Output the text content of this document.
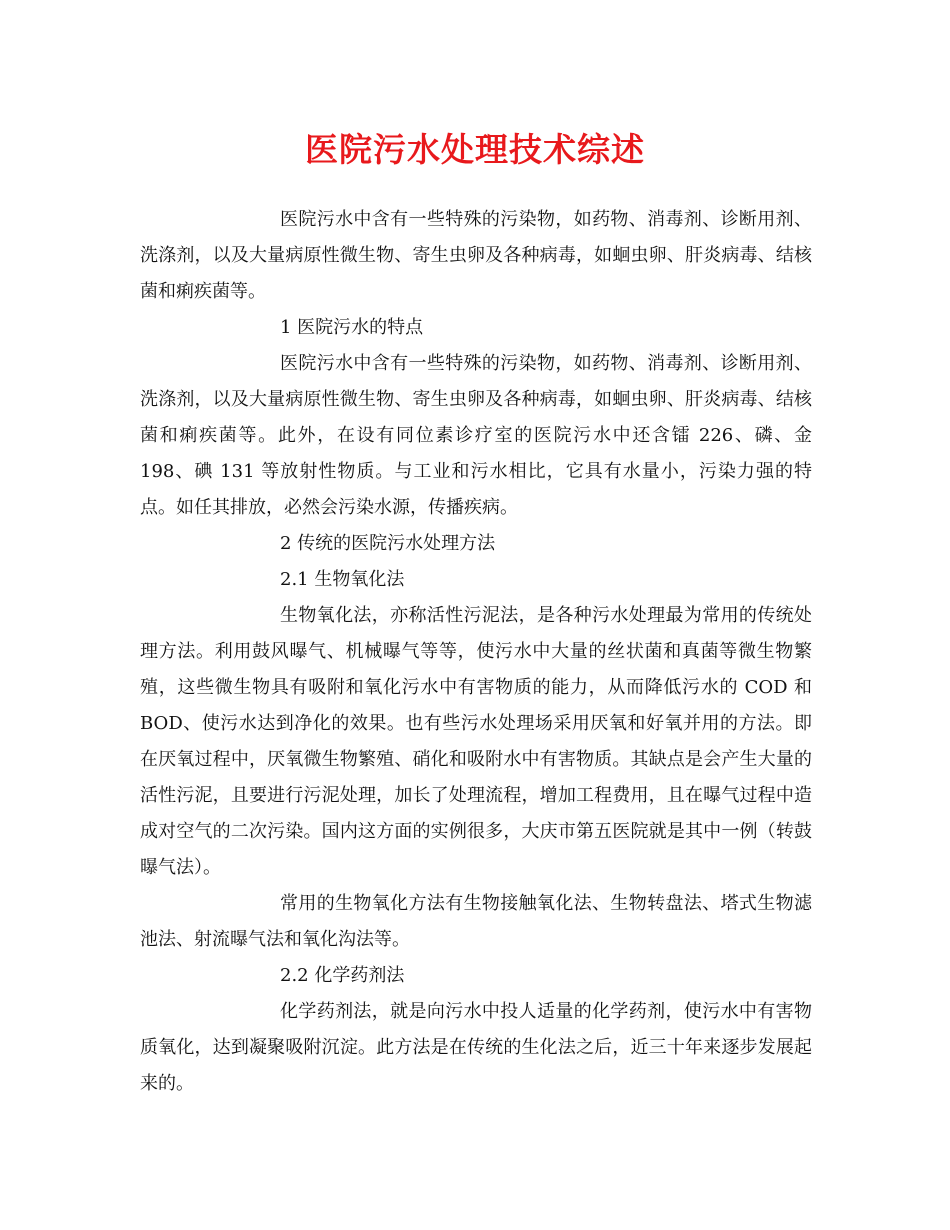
医院污水处理技术综述

医院污水中含有一些特殊的污染物，如药物、消毒剂、诊断用剂、洗涤剂，以及大量病原性微生物、寄生虫卵及各种病毒，如蛔虫卵、肝炎病毒、结核菌和痢疾菌等。

1 医院污水的特点

医院污水中含有一些特殊的污染物，如药物、消毒剂、诊断用剂、洗涤剂，以及大量病原性微生物、寄生虫卵及各种病毒，如蛔虫卵、肝炎病毒、结核菌和痢疾菌等。此外，在设有同位素诊疗室的医院污水中还含镭 226、磷、金 198、碘 131 等放射性物质。与工业和污水相比，它具有水量小，污染力强的特点。如任其排放，必然会污染水源，传播疾病。

2 传统的医院污水处理方法

2.1 生物氧化法

生物氧化法，亦称活性污泥法，是各种污水处理最为常用的传统处理方法。利用鼓风曝气、机械曝气等等，使污水中大量的丝状菌和真菌等微生物繁殖，这些微生物具有吸附和氧化污水中有害物质的能力，从而降低污水的 COD 和 BOD、使污水达到净化的效果。也有些污水处理场采用厌氧和好氧并用的方法。即在厌氧过程中，厌氧微生物繁殖、硝化和吸附水中有害物质。其缺点是会产生大量的活性污泥，且要进行污泥处理，加长了处理流程，增加工程费用，且在曝气过程中造成对空气的二次污染。国内这方面的实例很多，大庆市第五医院就是其中一例（转鼓曝气法）。

常用的生物氧化方法有生物接触氧化法、生物转盘法、塔式生物滤池法、射流曝气法和氧化沟法等。

2.2 化学药剂法

化学药剂法，就是向污水中投人适量的化学药剂，使污水中有害物质氧化，达到凝聚吸附沉淀。此方法是在传统的生化法之后，近三十年来逐步发展起来的。
